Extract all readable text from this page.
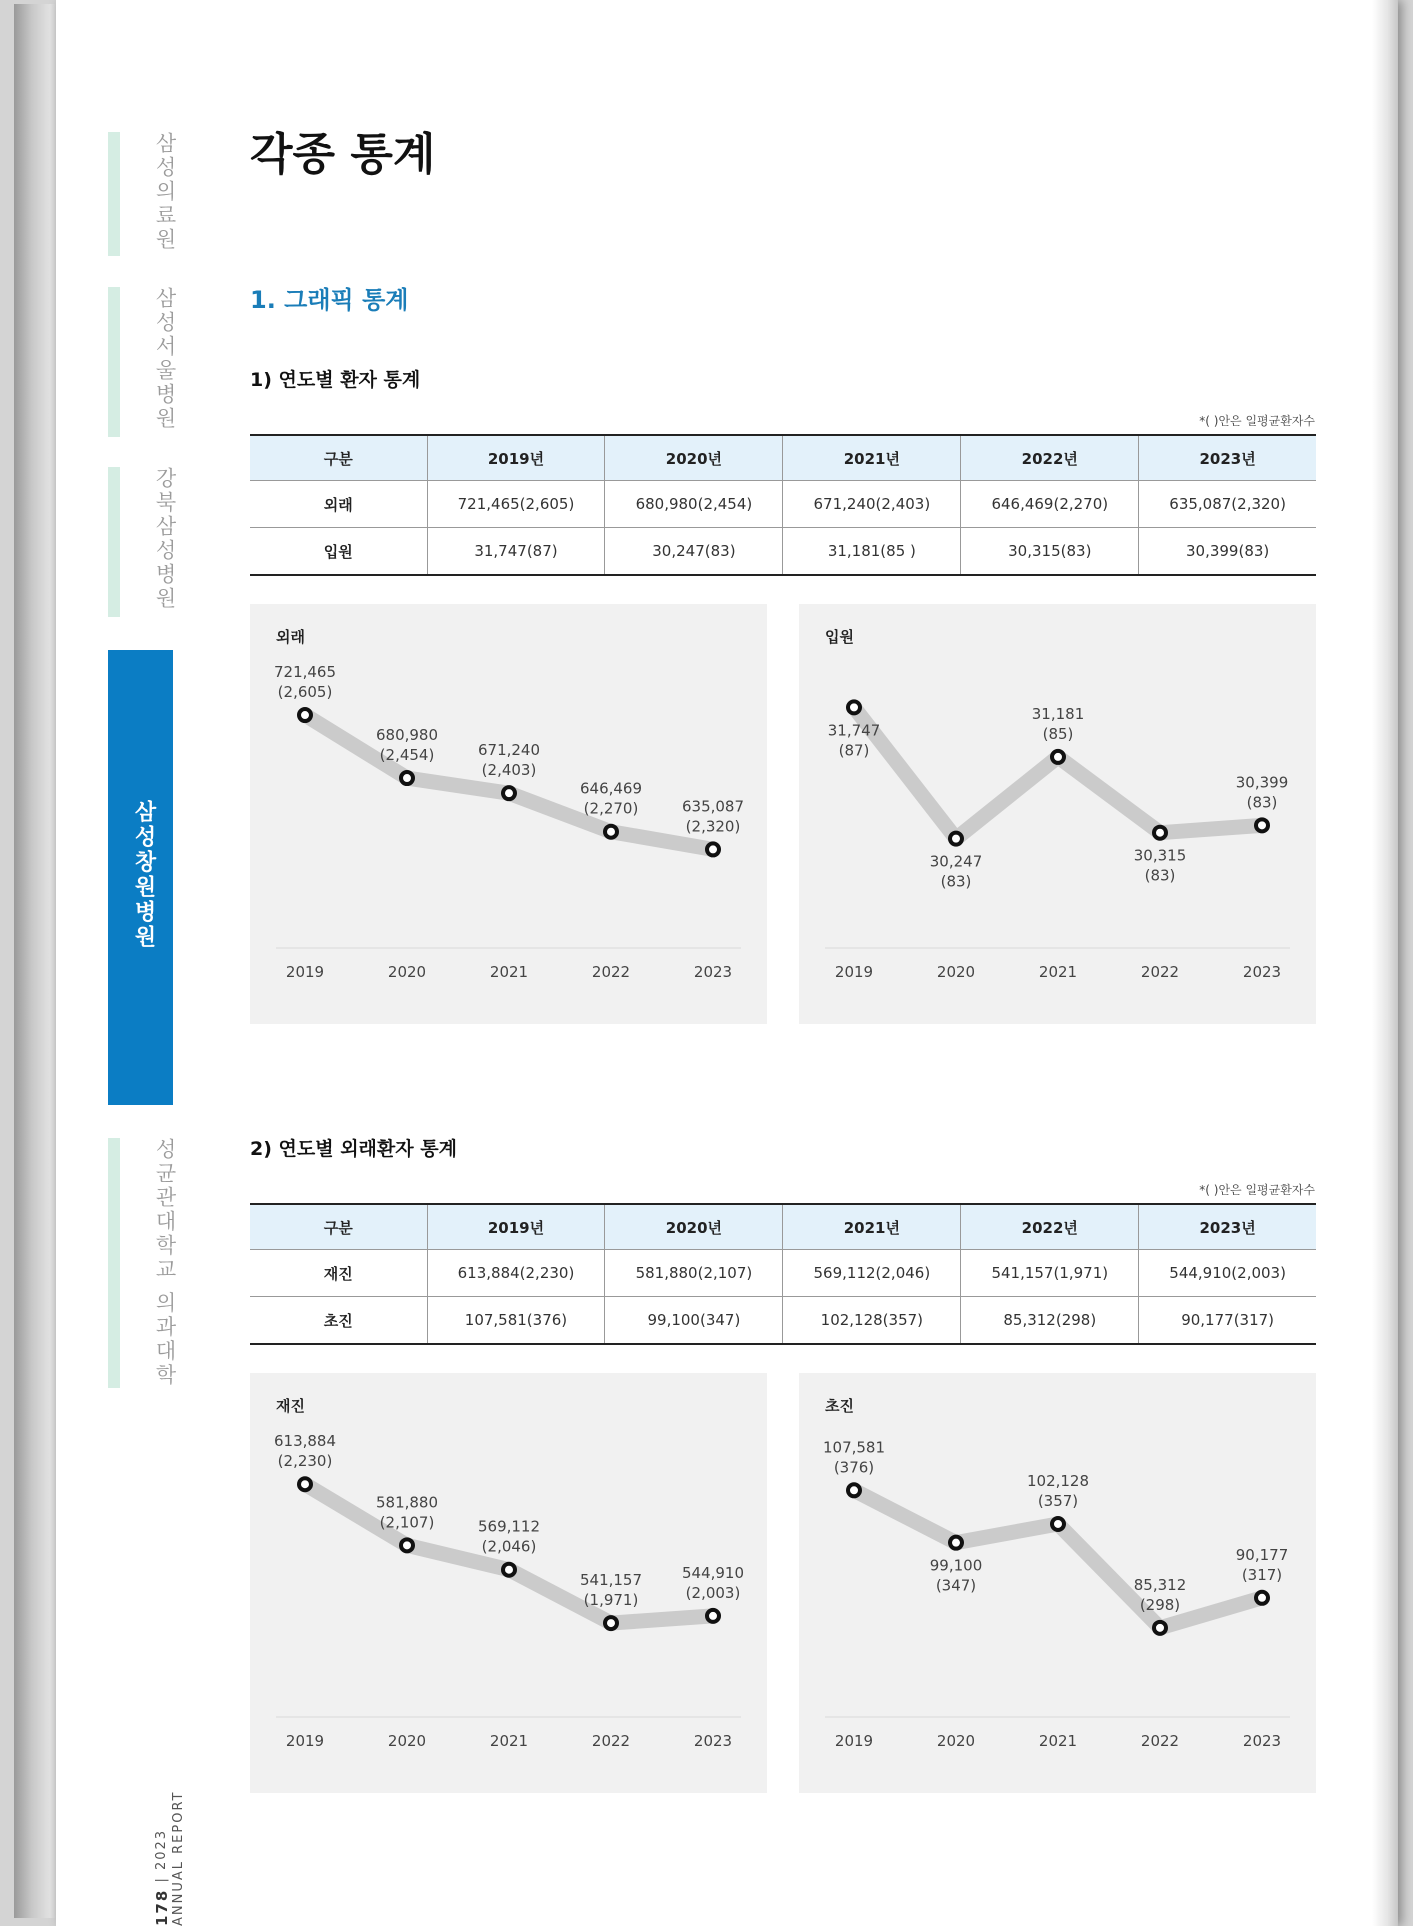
삼성의료원
삼성서울병원
강북삼성병원
삼성창원병원
성균관대학교 의과대학
178 | 2023 ANNUAL REPORT
각종 통계
1. 그래픽 통계
1) 연도별 환자 통계
*( )안은 일평균환자수
구분	2019년	2020년	2021년	2022년	2023년
외래	721,465(2,605)	680,980(2,454)	671,240(2,403)	646,469(2,270)	635,087(2,320)
입원	31,747(87)	30,247(83)	31,181(85 )	30,315(83)	30,399(83)
외래
721,465
(2,605)
2019
680,980
(2,454)
2020
671,240
(2,403)
2021
646,469
(2,270)
2022
635,087
(2,320)
2023
입원
31,747
(87)
2019
30,247
(83)
2020
31,181
(85)
2021
30,315
(83)
2022
30,399
(83)
2023
2) 연도별 외래환자 통계
*( )안은 일평균환자수
구분	2019년	2020년	2021년	2022년	2023년
재진	613,884(2,230)	581,880(2,107)	569,112(2,046)	541,157(1,971)	544,910(2,003)
초진	107,581(376)	99,100(347)	102,128(357)	85,312(298)	90,177(317)
재진
613,884
(2,230)
2019
581,880
(2,107)
2020
569,112
(2,046)
2021
541,157
(1,971)
2022
544,910
(2,003)
2023
초진
107,581
(376)
2019
99,100
(347)
2020
102,128
(357)
2021
85,312
(298)
2022
90,177
(317)
2023
